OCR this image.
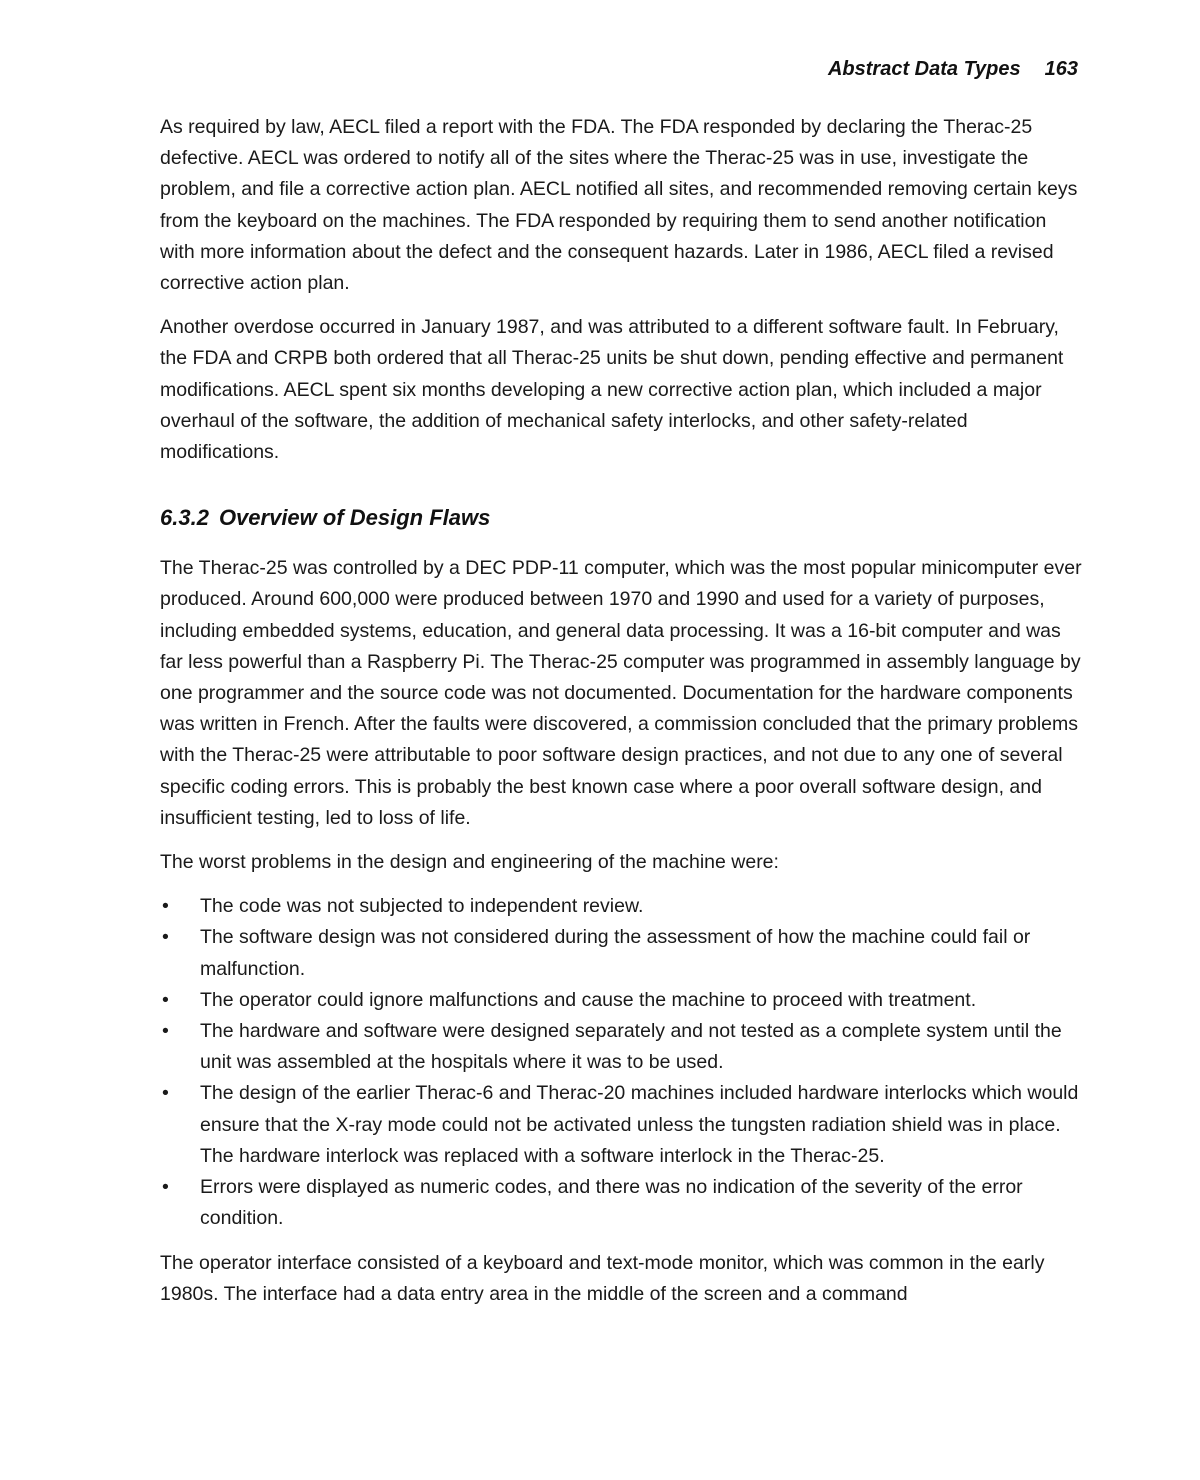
Abstract Data Types 163

As required by law, AECL filed a report with the FDA. The FDA responded by declaring the Therac-25 defective. AECL was ordered to notify all of the sites where the Therac-25 was in use, investigate the problem, and file a corrective action plan. AECL notified all sites, and recommended removing certain keys from the keyboard on the machines. The FDA responded by requiring them to send another notification with more information about the defect and the consequent hazards. Later in 1986, AECL filed a revised corrective action plan.

Another overdose occurred in January 1987, and was attributed to a different software fault. In February, the FDA and CRPB both ordered that all Therac-25 units be shut down, pending effective and permanent modifications. AECL spent six months developing a new corrective action plan, which included a major overhaul of the software, the addition of mechanical safety interlocks, and other safety-related modifications.

6.3.2 Overview of Design Flaws

The Therac-25 was controlled by a DEC PDP-11 computer, which was the most popular minicomputer ever produced. Around 600,000 were produced between 1970 and 1990 and used for a variety of purposes, including embedded systems, education, and general data processing. It was a 16-bit computer and was far less powerful than a Raspberry Pi. The Therac-25 computer was programmed in assembly language by one programmer and the source code was not documented. Documentation for the hardware components was written in French. After the faults were discovered, a commission concluded that the primary problems with the Therac-25 were attributable to poor software design practices, and not due to any one of several specific coding errors. This is probably the best known case where a poor overall software design, and insufficient testing, led to loss of life.

The worst problems in the design and engineering of the machine were:

• The code was not subjected to independent review.
• The software design was not considered during the assessment of how the machine could fail or malfunction.
• The operator could ignore malfunctions and cause the machine to proceed with treatment.
• The hardware and software were designed separately and not tested as a complete system until the unit was assembled at the hospitals where it was to be used.
• The design of the earlier Therac-6 and Therac-20 machines included hardware interlocks which would ensure that the X-ray mode could not be activated unless the tungsten radiation shield was in place. The hardware interlock was replaced with a software interlock in the Therac-25.
• Errors were displayed as numeric codes, and there was no indication of the severity of the error condition.

The operator interface consisted of a keyboard and text-mode monitor, which was common in the early 1980s. The interface had a data entry area in the middle of the screen and a command
